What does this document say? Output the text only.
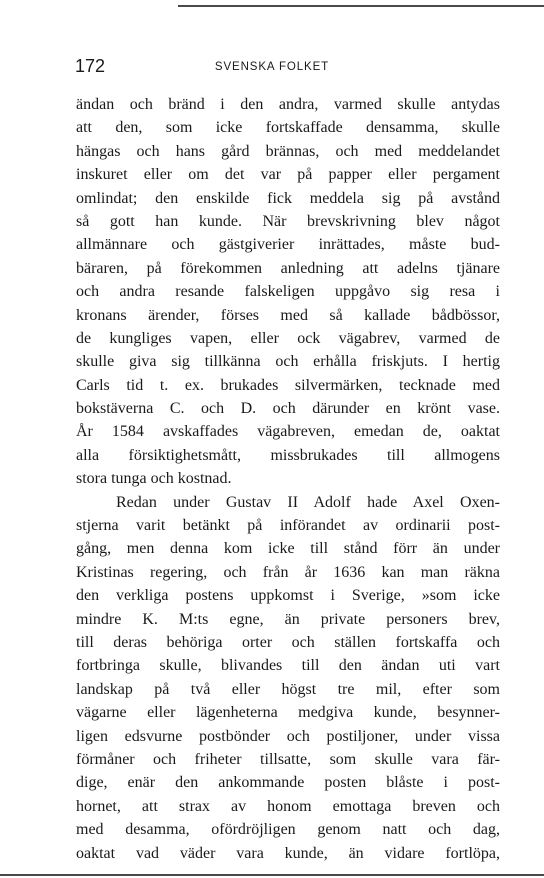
172	SVENSKA FOLKET
ändan och bränd i den andra, varmed skulle antydas
att den, som icke fortskaffade densamma, skulle
hängas och hans gård brännas, och med meddelandet
inskuret eller om det var på papper eller pergament
omlindat; den enskilde fick meddela sig på avstånd
så gott han kunde. När brevskrivning blev något
allmännare och gästgiverier inrättades, måste bud-
bäraren, på förekommen anledning att adelns tjänare
och andra resande falskeligen uppgåvo sig resa i
kronans ärender, förses med så kallade bådbössor,
de kungliges vapen, eller ock vägabrev, varmed de
skulle giva sig tillkänna och erhålla friskjuts. I hertig
Carls tid t. ex. brukades silvermärken, tecknade med
bokstäverna C. och D. och därunder en krönt vase.
År 1584 avskaffades vägabreven, emedan de, oaktat
alla försiktighetsmått, missbrukades till allmogens
stora tunga och kostnad.
Redan under Gustav II Adolf hade Axel Oxen-
stjerna varit betänkt på införandet av ordinarii post-
gång, men denna kom icke till stånd förr än under
Kristinas regering, och från år 1636 kan man räkna
den verkliga postens uppkomst i Sverige, »som icke
mindre K. M:ts egne, än private personers brev,
till deras behöriga orter och ställen fortskaffa och
fortbringa skulle, blivandes till den ändan uti vart
landskap på två eller högst tre mil, efter som
vägarne eller lägenheterna medgiva kunde, besynner-
ligen edsvurne postbönder och postiljoner, under vissa
förmåner och friheter tillsatte, som skulle vara fär-
dige, enär den ankommande posten blåste i post-
hornet, att strax av honom emottaga breven och
med desamma, ofördröjligen genom natt och dag,
oaktat vad väder vara kunde, än vidare fortlöpa,
